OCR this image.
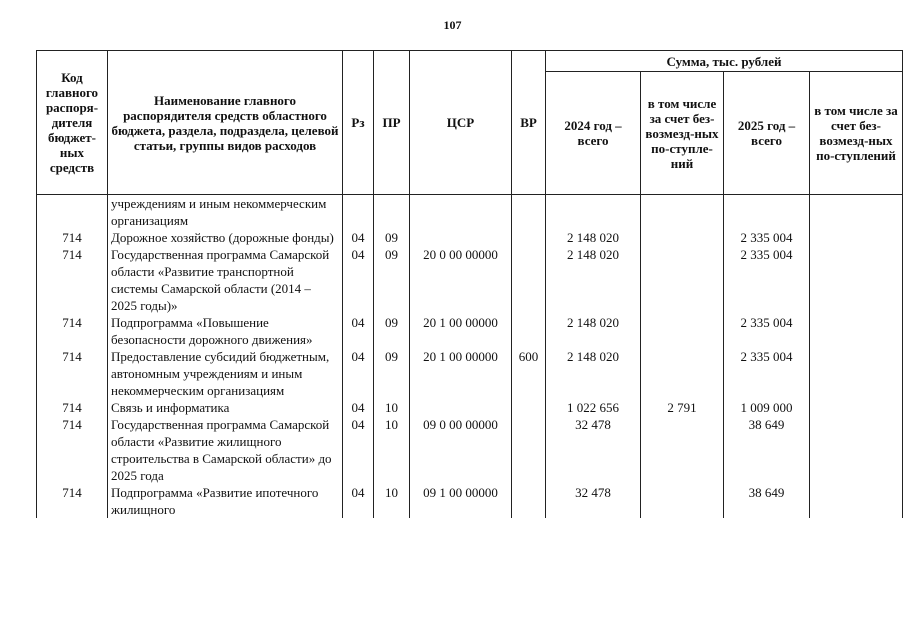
107
Код главного распоря-дителя бюджет-ных средств	Наименование главного распорядителя средств областного бюджета, раздела, подраздела, целевой статьи, группы видов расходов	Рз	ПР	ЦСР	ВР	Сумма, тыс. рублей			
						2024 год – всего	в том числе за счет без-возмезд-ных по-ступле-ний	2025 год – всего	в том числе за счет без-возмезд-ных по-ступлений
	учреждениям и иным некоммерческим организациям								
714	Дорожное хозяйство (дорожные фонды)	04	09			2 148 020		2 335 004	
714	Государственная программа Самарской области «Развитие транспортной системы Самарской области (2014 – 2025 годы)»	04	09	20 0 00 00000		2 148 020		2 335 004	
714	Подпрограмма «Повышение безопасности дорожного движения»	04	09	20 1 00 00000		2 148 020		2 335 004	
714	Предоставление субсидий бюджетным, автономным учреждениям и иным некоммерческим организациям	04	09	20 1 00 00000	600	2 148 020		2 335 004	
714	Связь и информатика	04	10			1 022 656	2 791	1 009 000	
714	Государственная программа Самарской области «Развитие жилищного строительства в Самарской области» до 2025 года	04	10	09 0 00 00000		32 478		38 649	
714	Подпрограмма «Развитие ипотечного жилищного	04	10	09 1 00 00000		32 478		38 649	
